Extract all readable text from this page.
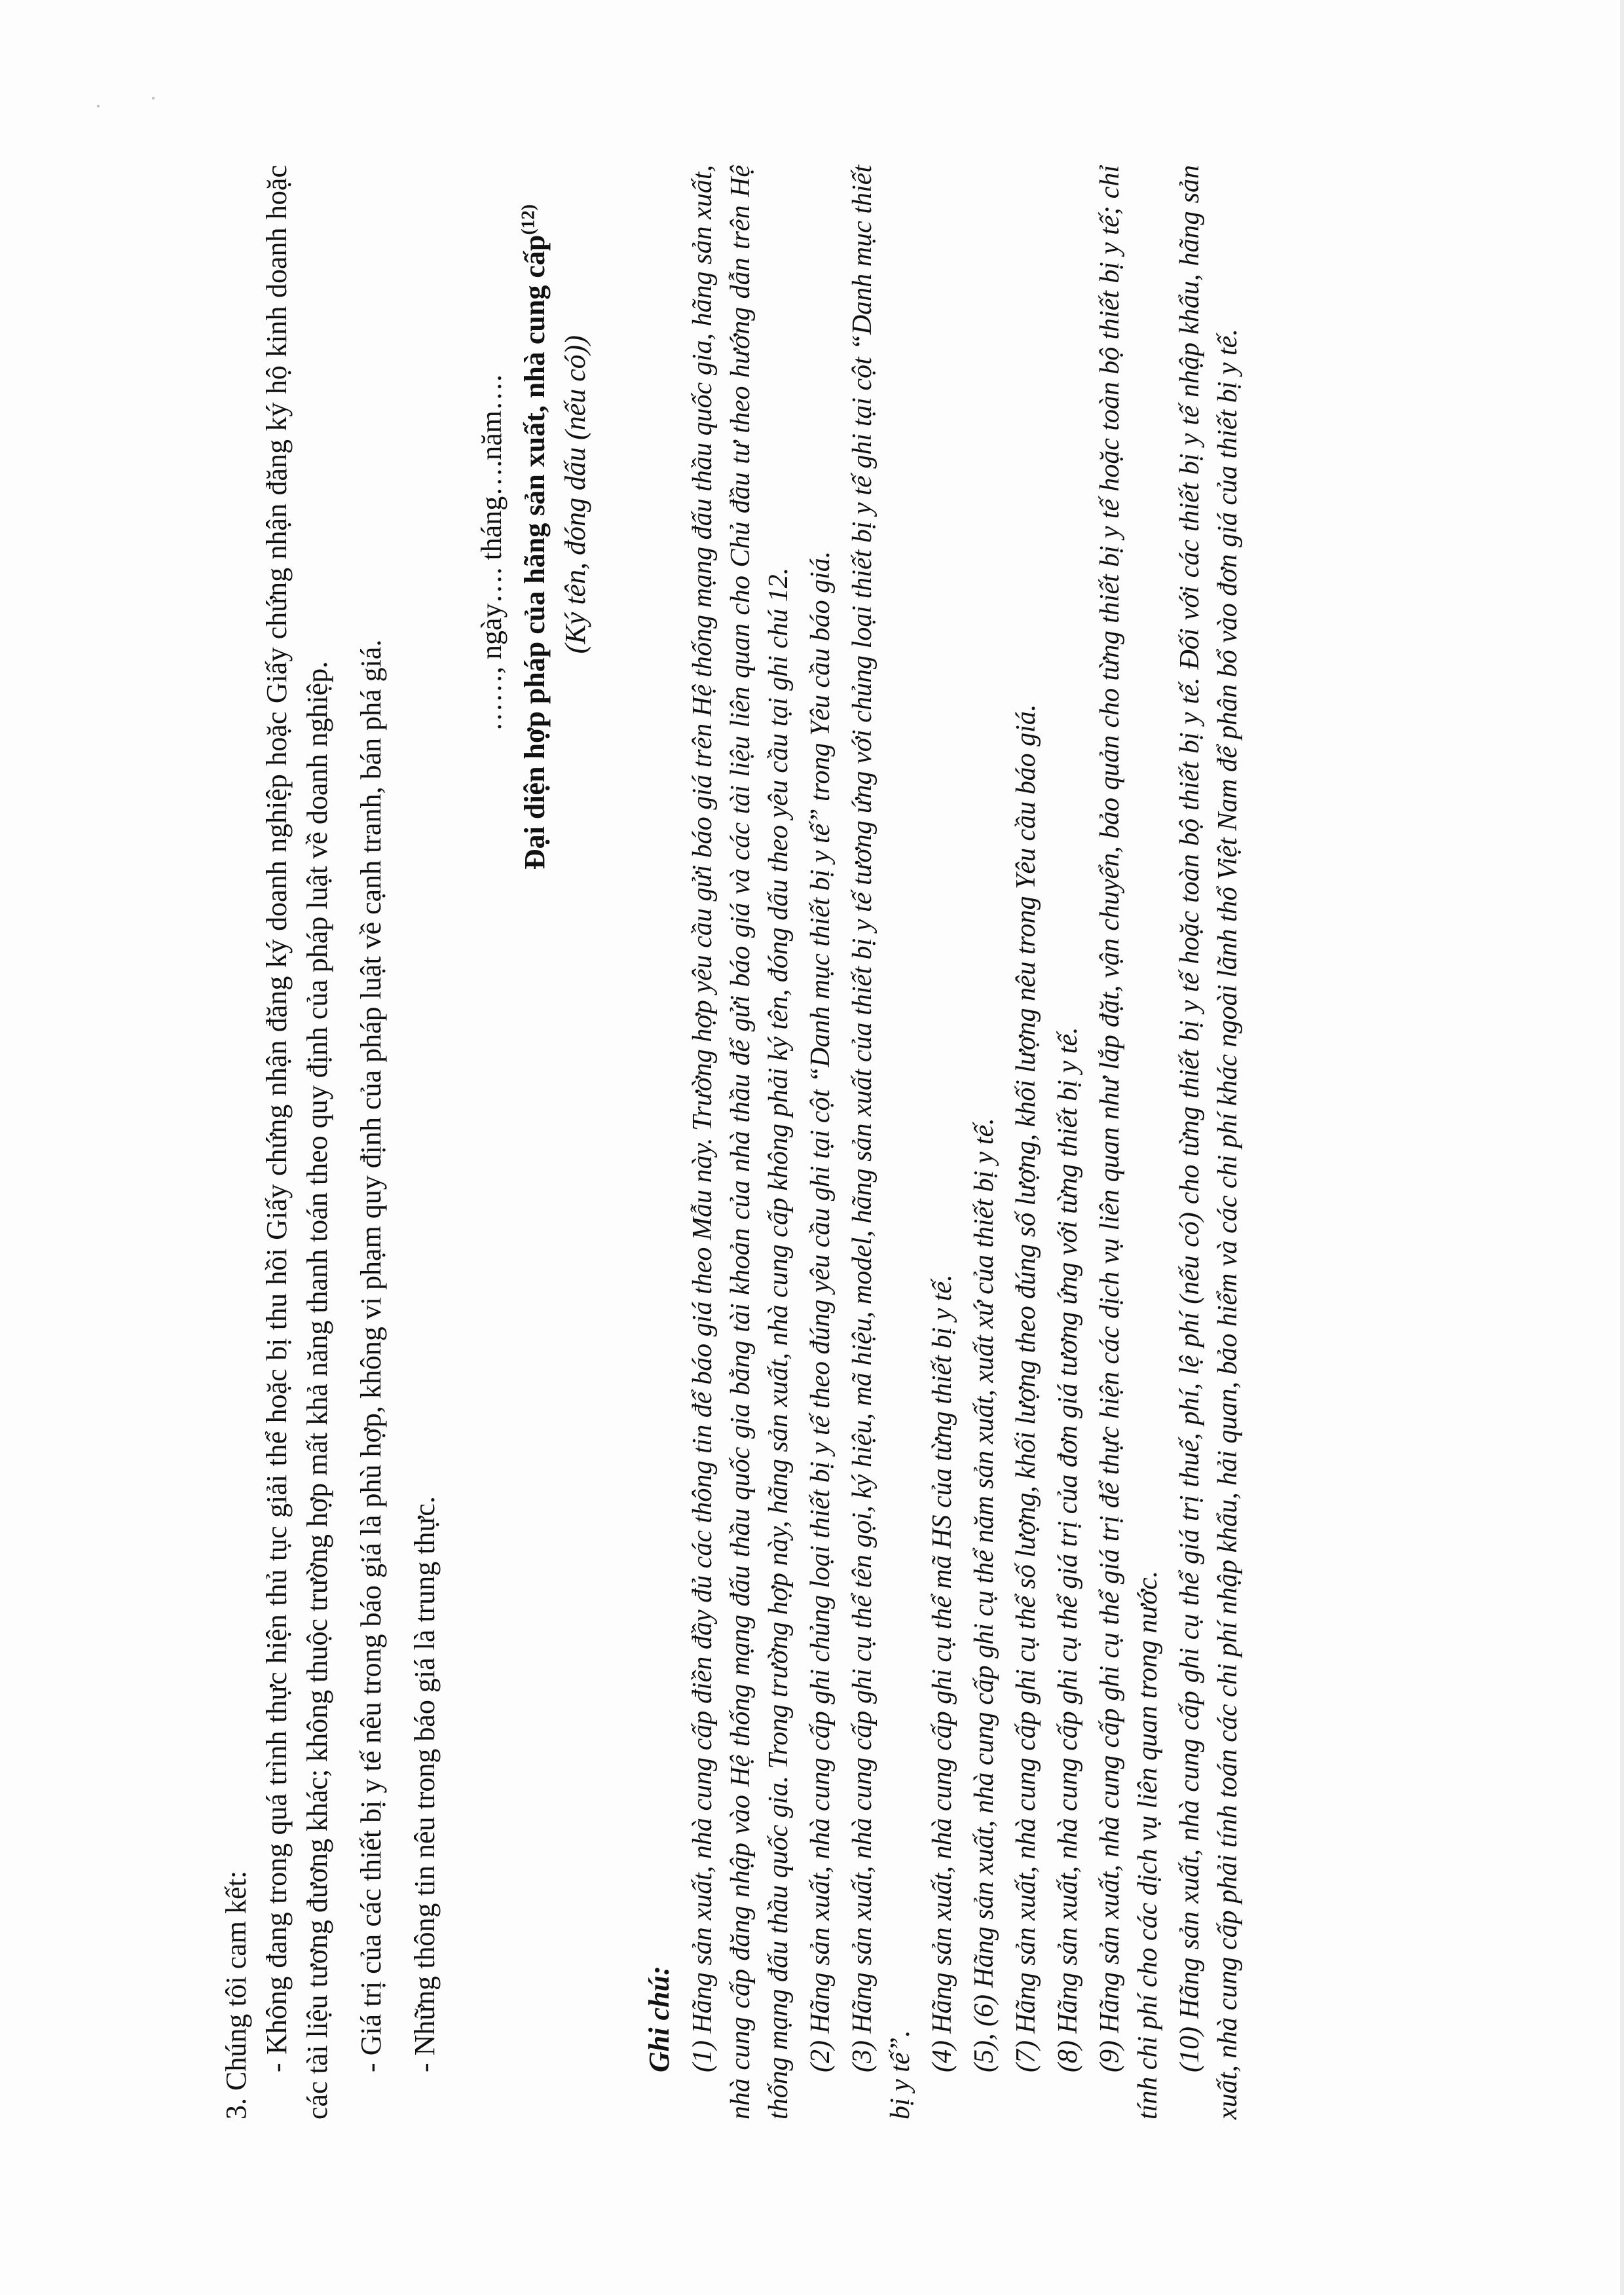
3. Chúng tôi cam kết: - Không đang trong quá trình thực hiện thủ tục giải thể hoặc bị thu hồi Giấy chứng nhận đăng ký doanh nghiệp hoặc Giấy chứng nhận đăng ký hộ kinh doanh hoặc các tài liệu tương đương khác; không thuộc trường hợp mất khả năng thanh toán theo quy định của pháp luật về doanh nghiệp. - Giá trị của các thiết bị y tế nêu trong báo giá là phù hợp, không vi phạm quy định của pháp luật về cạnh tranh, bán phá giá. - Những thông tin nêu trong báo giá là trung thực.

……, ngày…. tháng….năm…. Đại diện hợp pháp của hãng sản xuất, nhà cung cấp$^{(12)}$

(Ký tên, đóng dấu (nếu có))

Ghi chú: (1) Hãng sản xuất, nhà cung cấp điền đầy đủ các thông tin để báo giá theo Mẫu này. Trường hợp yêu cầu gửi báo giá trên Hệ thống mạng đấu thầu quốc gia, hãng sản xuất, nhà cung cấp đăng nhập vào Hệ thống mạng đấu thầu quốc gia bằng tài khoản của nhà thầu để gửi báo giá và các tài liệu liên quan cho Chủ đầu tư theo hướng dẫn trên Hệ thống mạng đấu thầu quốc gia. Trong trường hợp này, hãng sản xuất, nhà cung cấp không phải ký tên, đóng dấu theo yêu cầu tại ghi chú 12. (2) Hãng sản xuất, nhà cung cấp ghi chủng loại thiết bị y tế theo đúng yêu cầu ghi tại cột “Danh mục thiết bị y tế” trong Yêu cầu báo giá. (3) Hãng sản xuất, nhà cung cấp ghi cụ thể tên gọi, ký hiệu, mã hiệu, model, hãng sản xuất của thiết bị y tế tương ứng với chủng loại thiết bị y tế ghi tại cột “Danh mục thiết bị y tế”.

(4) Hãng sản xuất, nhà cung cấp ghi cụ thể mã HS của từng thiết bị y tế. (5), (6) Hãng sản xuất, nhà cung cấp ghi cụ thể năm sản xuất, xuất xứ của thiết bị y tế. (7) Hãng sản xuất, nhà cung cấp ghi cụ thể số lượng, khối lượng theo đúng số lượng, khối lượng nêu trong Yêu cầu báo giá. (8) Hãng sản xuất, nhà cung cấp ghi cụ thể giá trị của đơn giá tương ứng với từng thiết bị y tế. (9) Hãng sản xuất, nhà cung cấp ghi cụ thể giá trị để thực hiện các dịch vụ liên quan như lắp đặt, vận chuyển, bảo quản cho từng thiết bị y tế hoặc toàn bộ thiết bị y tế; chỉ tính chi phí cho các dịch vụ liên quan trong nước. (10) Hãng sản xuất, nhà cung cấp ghi cụ thể giá trị thuế, phí, lệ phí (nếu có) cho từng thiết bị y tế hoặc toàn bộ thiết bị y tế. Đối với các thiết bị y tế nhập khẩu, hãng sản xuất, nhà cung cấp phải tính toán các chi phí nhập khẩu, hải quan, bảo hiểm và các chi phí khác ngoài lãnh thổ Việt Nam để phân bổ vào đơn giá của thiết bị y tế.
